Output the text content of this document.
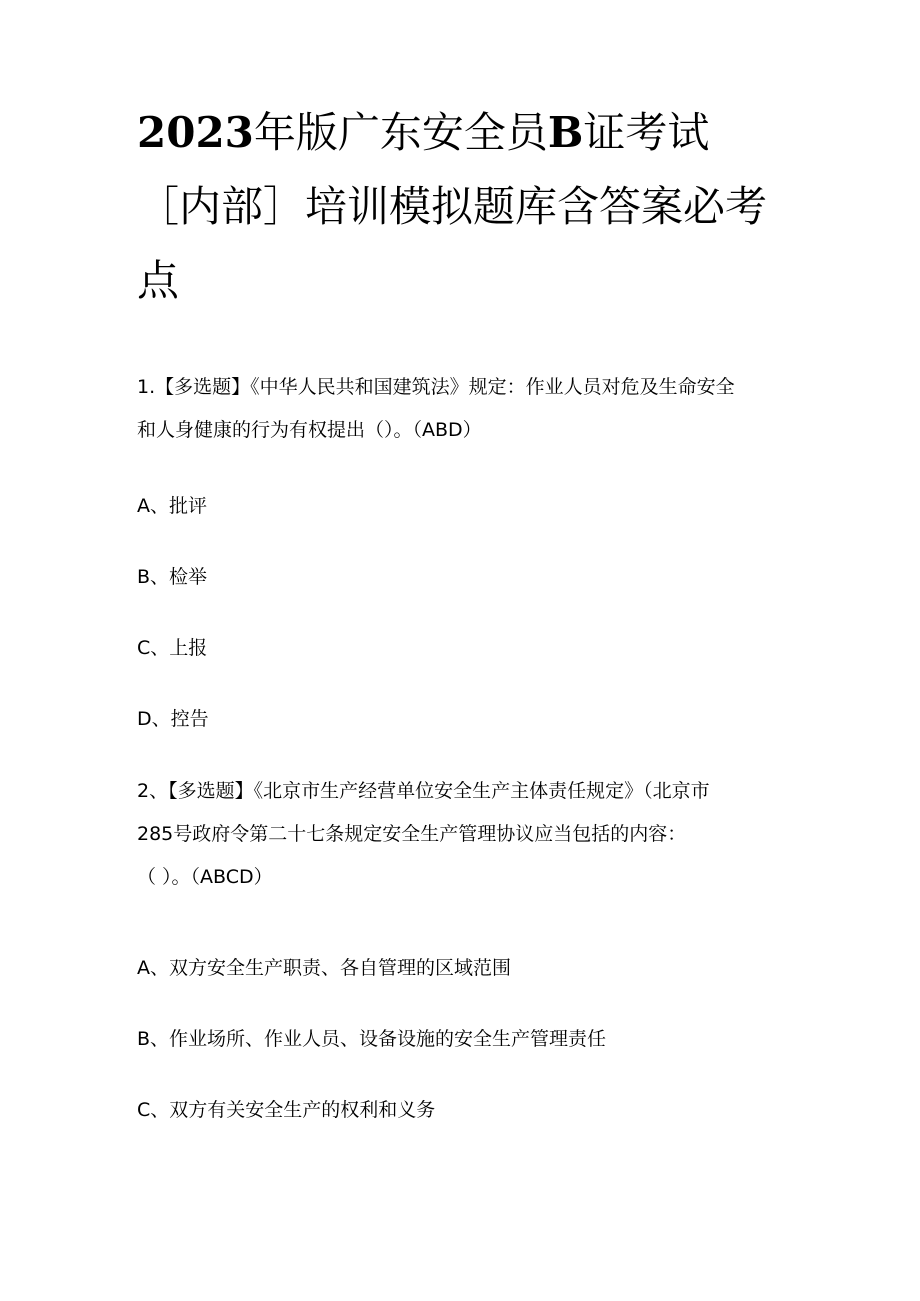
2023年版广东安全员B证考试
［内部］培训模拟题库含答案必考
点

1.【多选题】《中华人民共和国建筑法》规定：作业人员对危及生命安全
和人身健康的行为有权提出（）。（ABD）

A、批评

B、检举

C、上报

D、控告

2、【多选题】《北京市生产经营单位安全生产主体责任规定》（北京市
285号政府令第二十七条规定安全生产管理协议应当包括的内容：
（ ）。（ABCD）

A、双方安全生产职责、各自管理的区域范围

B、作业场所、作业人员、设备设施的安全生产管理责任

C、双方有关安全生产的权利和义务
